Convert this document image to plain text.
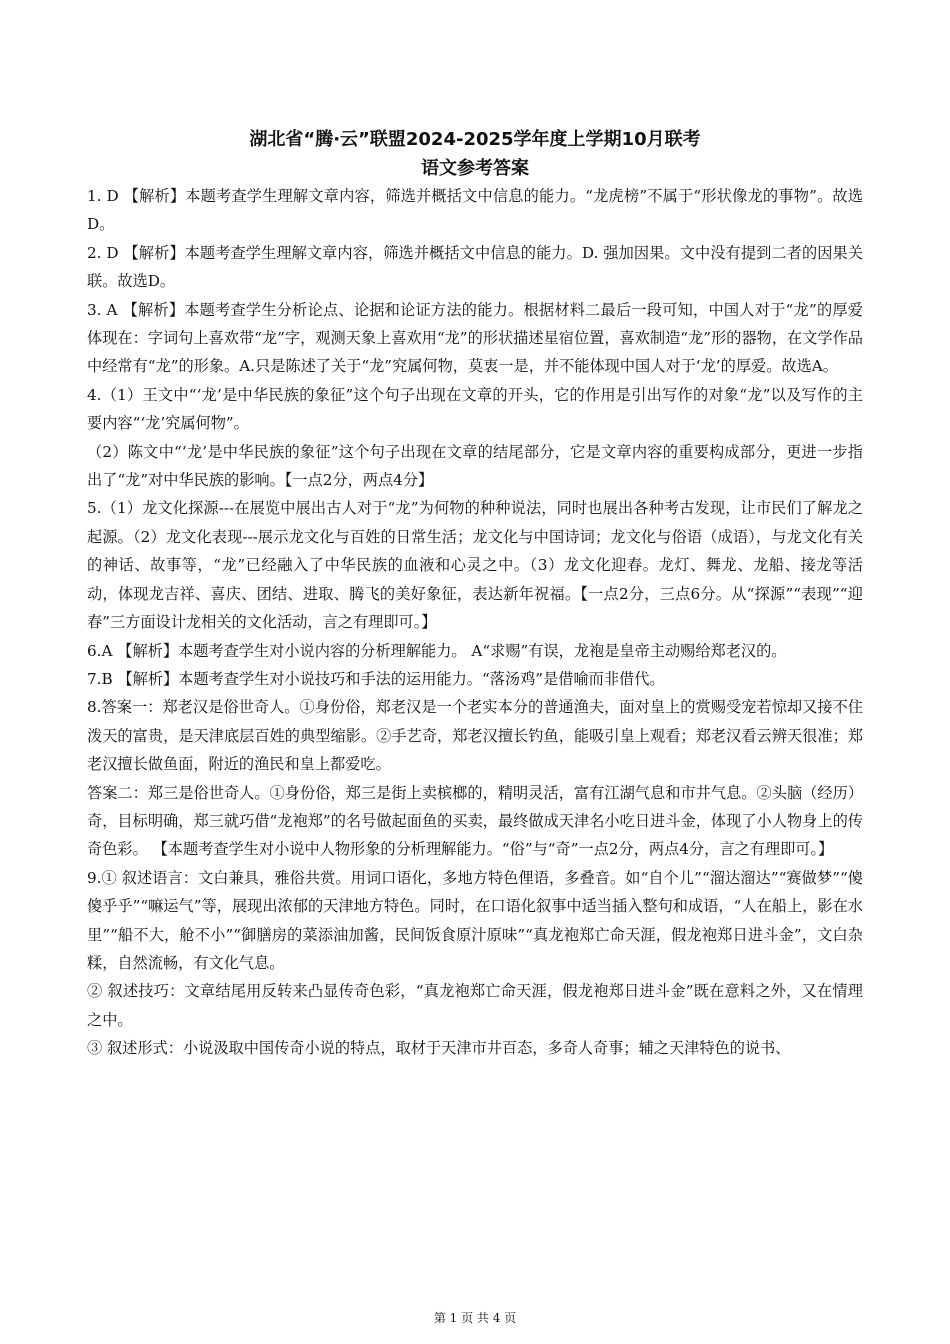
湖北省“腾·云”联盟2024-2025学年度上学期10月联考
语文参考答案

1. D 【解析】本题考查学生理解文章内容，筛选并概括文中信息的能力。“龙虎榜”不属于“形状像龙的事物”。故选D。

2. D 【解析】本题考查学生理解文章内容，筛选并概括文中信息的能力。D. 强加因果。文中没有提到二者的因果关联。故选D。

3. A 【解析】本题考查学生分析论点、论据和论证方法的能力。根据材料二最后一段可知，中国人对于“龙”的厚爱体现在：字词句上喜欢带“龙”字，观测天象上喜欢用“龙”的形状描述星宿位置，喜欢制造“龙”形的器物，在文学作品中经常有“龙”的形象。A.只是陈述了关于“龙”究属何物，莫衷一是，并不能体现中国人对于‘龙’的厚爱。故选A。

4.（1）王文中“‘龙’是中华民族的象征”这个句子出现在文章的开头，它的作用是引出写作的对象“龙”以及写作的主要内容“‘龙’究属何物”。

（2）陈文中“‘龙’是中华民族的象征”这个句子出现在文章的结尾部分，它是文章内容的重要构成部分，更进一步指出了“龙”对中华民族的影响。【一点2分，两点4分】

5.（1）龙文化探源---在展览中展出古人对于“龙”为何物的种种说法，同时也展出各种考古发现，让市民们了解龙之起源。（2）龙文化表现---展示龙文化与百姓的日常生活；龙文化与中国诗词；龙文化与俗语（成语），与龙文化有关的神话、故事等，“龙”已经融入了中华民族的血液和心灵之中。（3）龙文化迎春。龙灯、舞龙、龙船、接龙等活动，体现龙吉祥、喜庆、团结、进取、腾飞的美好象征，表达新年祝福。【一点2分，三点6分。从“探源”“表现”“迎春”三方面设计龙相关的文化活动，言之有理即可。】

6.A 【解析】本题考查学生对小说内容的分析理解能力。 A“求赐”有误，龙袍是皇帝主动赐给郑老汉的。

7.B 【解析】本题考查学生对小说技巧和手法的运用能力。“落汤鸡”是借喻而非借代。

8.答案一：郑老汉是俗世奇人。①身份俗，郑老汉是一个老实本分的普通渔夫，面对皇上的赏赐受宠若惊却又接不住泼天的富贵，是天津底层百姓的典型缩影。②手艺奇，郑老汉擅长钓鱼，能吸引皇上观看；郑老汉看云辨天很准；郑老汉擅长做鱼面，附近的渔民和皇上都爱吃。

答案二：郑三是俗世奇人。①身份俗，郑三是街上卖槟榔的，精明灵活，富有江湖气息和市井气息。②头脑（经历）奇，目标明确，郑三就巧借“龙袍郑”的名号做起面鱼的买卖，最终做成天津名小吃日进斗金，体现了小人物身上的传奇色彩。 【本题考查学生对小说中人物形象的分析理解能力。“俗”与“奇”一点2分，两点4分，言之有理即可。】

9.① 叙述语言：文白兼具，雅俗共赏。用词口语化，多地方特色俚语，多叠音。如“自个儿”“溜达溜达”“赛做梦”“傻傻乎乎”“嘛运气”等，展现出浓郁的天津地方特色。同时，在口语化叙事中适当插入整句和成语，“人在船上，影在水里”“船不大，舱不小”“御膳房的菜添油加酱，民间饭食原汁原味”“真龙袍郑亡命天涯，假龙袍郑日进斗金”，文白杂糅，自然流畅，有文化气息。

② 叙述技巧：文章结尾用反转来凸显传奇色彩，“真龙袍郑亡命天涯，假龙袍郑日进斗金”既在意料之外，又在情理之中。

③ 叙述形式：小说汲取中国传奇小说的特点，取材于天津市井百态，多奇人奇事；辅之天津特色的说书、

第 1 页 共 4 页
